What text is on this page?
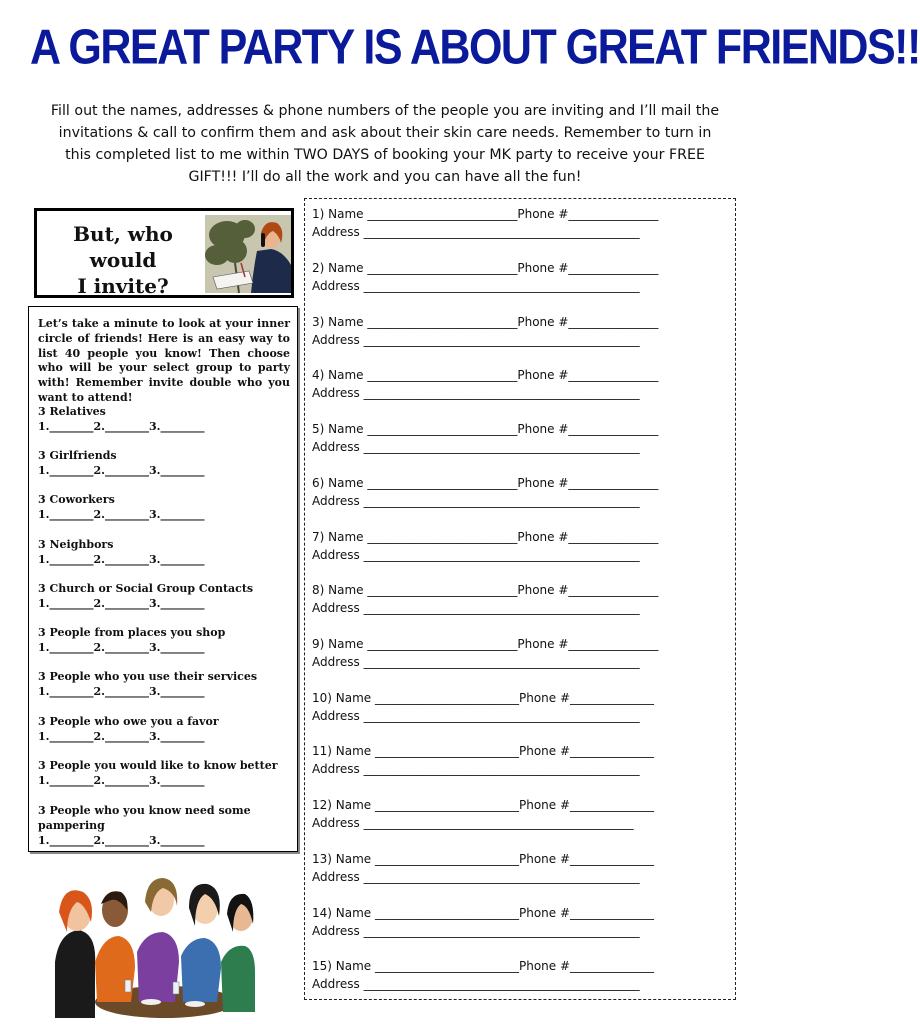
A GREAT PARTY IS ABOUT GREAT FRIENDS!!
Fill out the names, addresses & phone numbers of the people you are inviting and I’ll mail the
invitations & call to confirm them and ask about their skin care needs. Remember to turn in
this completed list to me within TWO DAYS of booking your MK party to receive your FREE
GIFT!!! I’ll do all the work and you can have all the fun!
But, who would
I invite?
Let’s take a minute to look at your inner circle of friends! Here is an easy way to list 40 people you know! Then choose who will be your select group to party with! Remember invite double who you want to attend!
3 Relatives
1.________2.________3.________
3 Girlfriends
1.________2.________3.________
3 Coworkers
1.________2.________3.________
3 Neighbors
1.________2.________3.________
3 Church or Social Group Contacts
1.________2.________3.________
3 People from places you shop
1.________2.________3.________
3 People who you use their services
1.________2.________3.________
3 People who owe you a favor
1.________2.________3.________
3 People you would like to know better
1.________2.________3.________
3 People who you know need some pampering
1.________2.________3.________
1) Name _________________________Phone #_______________
Address ______________________________________________
2) Name _________________________Phone #_______________
Address ______________________________________________
3) Name _________________________Phone #_______________
Address ______________________________________________
4) Name _________________________Phone #_______________
Address ______________________________________________
5) Name _________________________Phone #_______________
Address ______________________________________________
6) Name _________________________Phone #_______________
Address ______________________________________________
7) Name _________________________Phone #_______________
Address ______________________________________________
8) Name _________________________Phone #_______________
Address ______________________________________________
9) Name _________________________Phone #_______________
Address ______________________________________________
10) Name ________________________Phone #______________
Address ______________________________________________
11) Name ________________________Phone #______________
Address ______________________________________________
12) Name ________________________Phone #______________
Address _____________________________________________
13) Name ________________________Phone #______________
Address ______________________________________________
14) Name ________________________Phone #______________
Address ______________________________________________
15) Name ________________________Phone #______________
Address ______________________________________________
